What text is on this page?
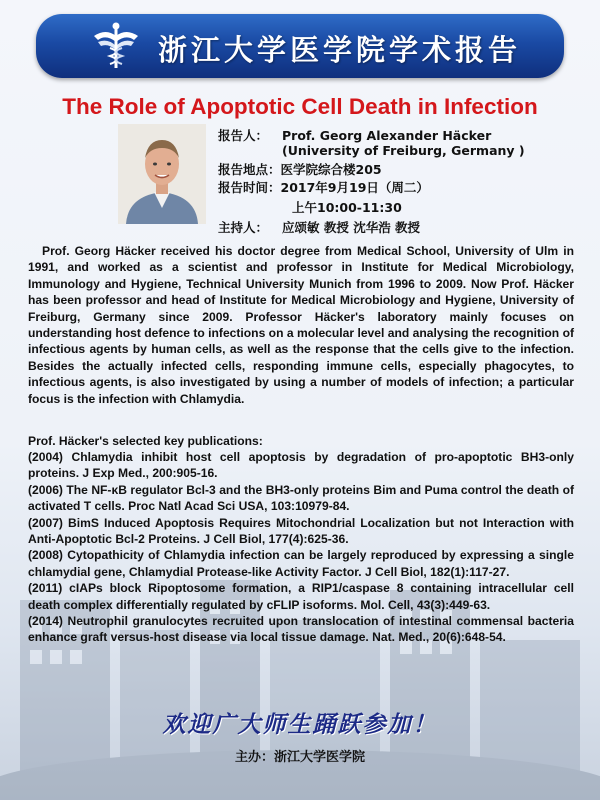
浙江大学医学院学术报告
The Role of Apoptotic Cell Death in Infection
报告人： Prof. Georg Alexander Häcker
(University of Freiburg, Germany )
报告地点：医学院综合楼205
报告时间：2017年9月19日（周二）
上午10:00-11:30
主持人： 应颂敏 教授 沈华浩 教授
Prof. Georg Häcker received his doctor degree from Medical School, University of Ulm in 1991, and worked as a scientist and professor in Institute for Medical Microbiology, Immunology and Hygiene, Technical University Munich from 1996 to 2009. Now Prof. Häcker has been professor and head of Institute for Medical Microbiology and Hygiene, University of Freiburg, Germany since 2009. Professor Häcker's laboratory mainly focuses on understanding host defence to infections on a molecular level and analysing the recognition of infectious agents by human cells, as well as the response that the cells give to the infection. Besides the actually infected cells, responding immune cells, especially phagocytes, to infectious agents, is also investigated by using a number of models of infection; a particular focus is the infection with Chlamydia.
Prof. Häcker's selected key publications:
(2004) Chlamydia inhibit host cell apoptosis by degradation of pro-apoptotic BH3-only proteins. J Exp Med., 200:905-16.
(2006) The NF-κB regulator Bcl-3 and the BH3-only proteins Bim and Puma control the death of activated T cells. Proc Natl Acad Sci USA, 103:10979-84.
(2007) BimS Induced Apoptosis Requires Mitochondrial Localization but not Interaction with Anti-Apoptotic Bcl-2 Proteins. J Cell Biol, 177(4):625-36.
(2008) Cytopathicity of Chlamydia infection can be largely reproduced by expressing a single chlamydial gene, Chlamydial Protease-like Activity Factor. J Cell Biol, 182(1):117-27.
(2011) cIAPs block Ripoptosome formation, a RIP1/caspase 8 containing intracellular cell death complex differentially regulated by cFLIP isoforms. Mol. Cell, 43(3):449-63.
(2014) Neutrophil granulocytes recruited upon translocation of intestinal commensal bacteria enhance graft versus-host disease via local tissue damage. Nat. Med., 20(6):648-54.
欢迎广大师生踊跃参加！
主办：浙江大学医学院
